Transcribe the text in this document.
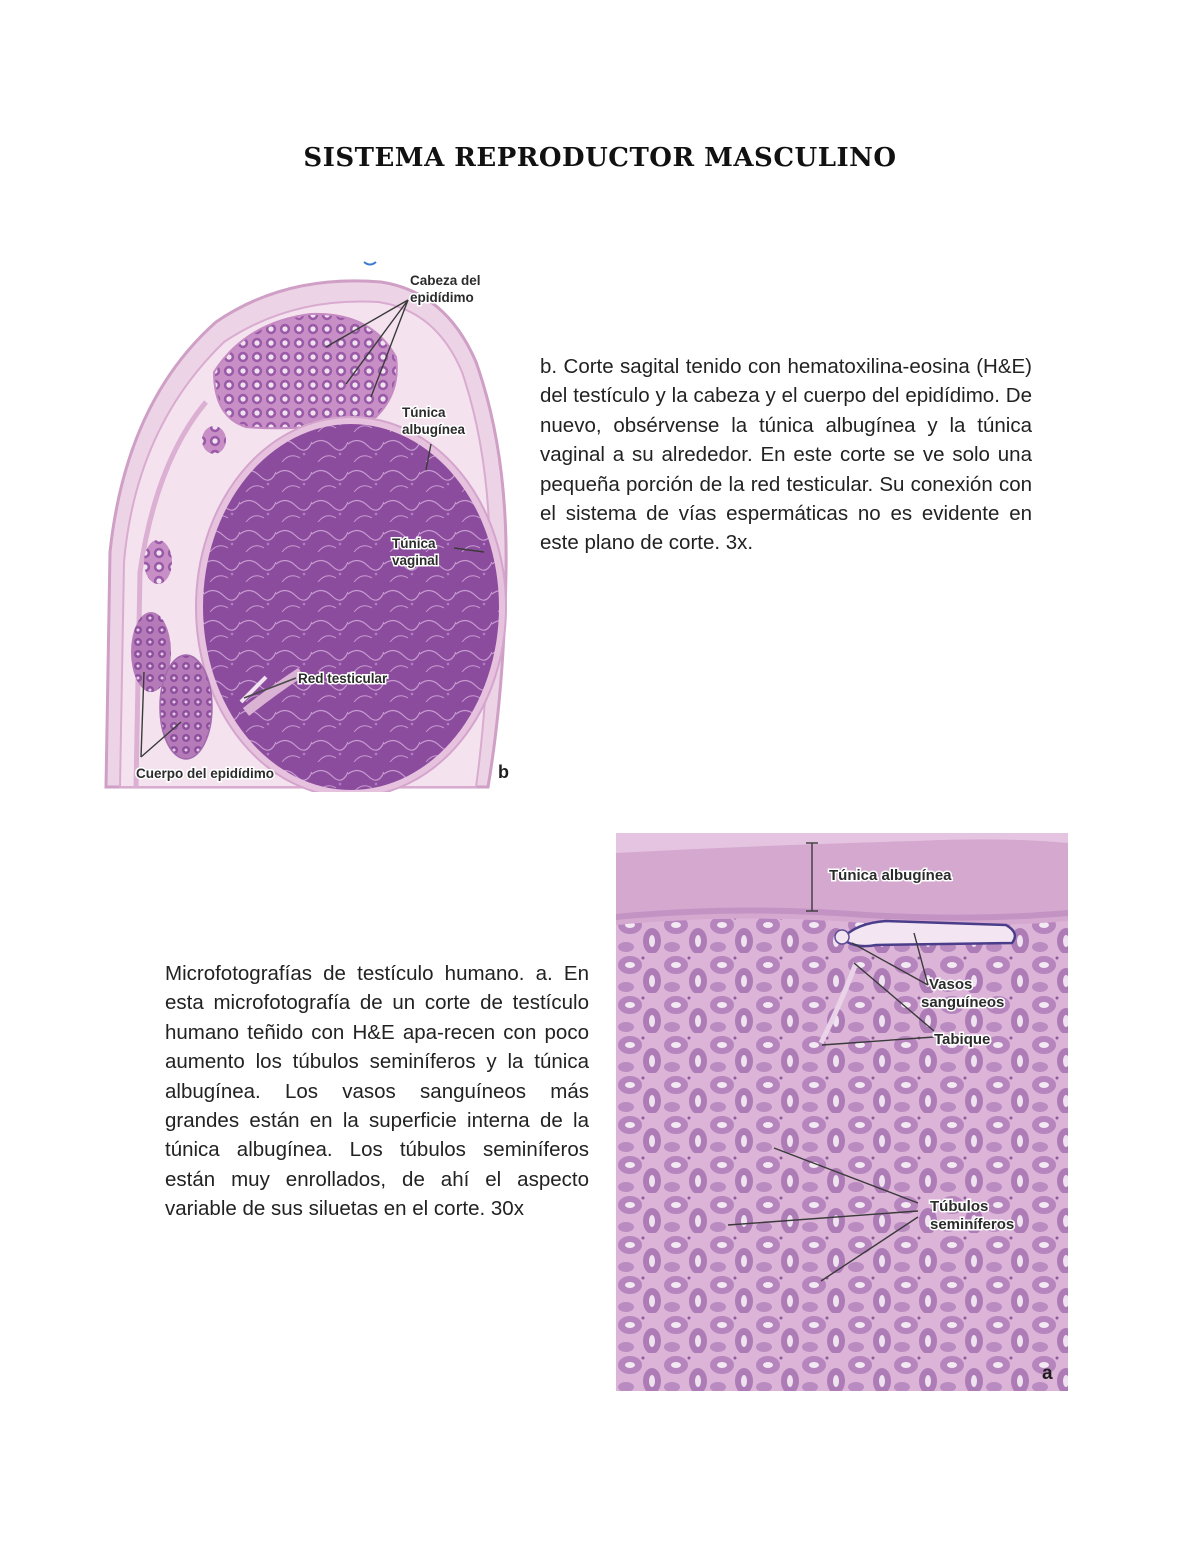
SISTEMA REPRODUCTOR MASCULINO
Cabeza del
epidídimo
Túnica
albugínea
Túnica
vaginal
Red testicular
Cuerpo del epidídimo	b
b. Corte sagital tenido con hematoxilina-eosina (H&E) del testículo y la cabeza y el cuerpo del epidídimo. De nuevo, obsérvense la túnica albugínea y la túnica vaginal a su alrededor. En este corte se ve solo una pequeña porción de la red testicular. Su conexión con el sistema de vías espermáticas no es evidente en este plano de corte. 3x.
Túnica albugínea
Vasos
sanguíneos
Tabique
Túbulos
seminíferos
a
Microfotografías de testículo humano. a. En esta microfotografía de un corte de testículo humano teñido con H&E apa-recen con poco aumento los túbulos seminíferos y la túnica albugínea. Los vasos sanguíneos más grandes están en la superficie interna de la túnica albugínea. Los túbulos seminíferos están muy enrollados, de ahí el aspecto variable de sus siluetas en el corte. 30x
